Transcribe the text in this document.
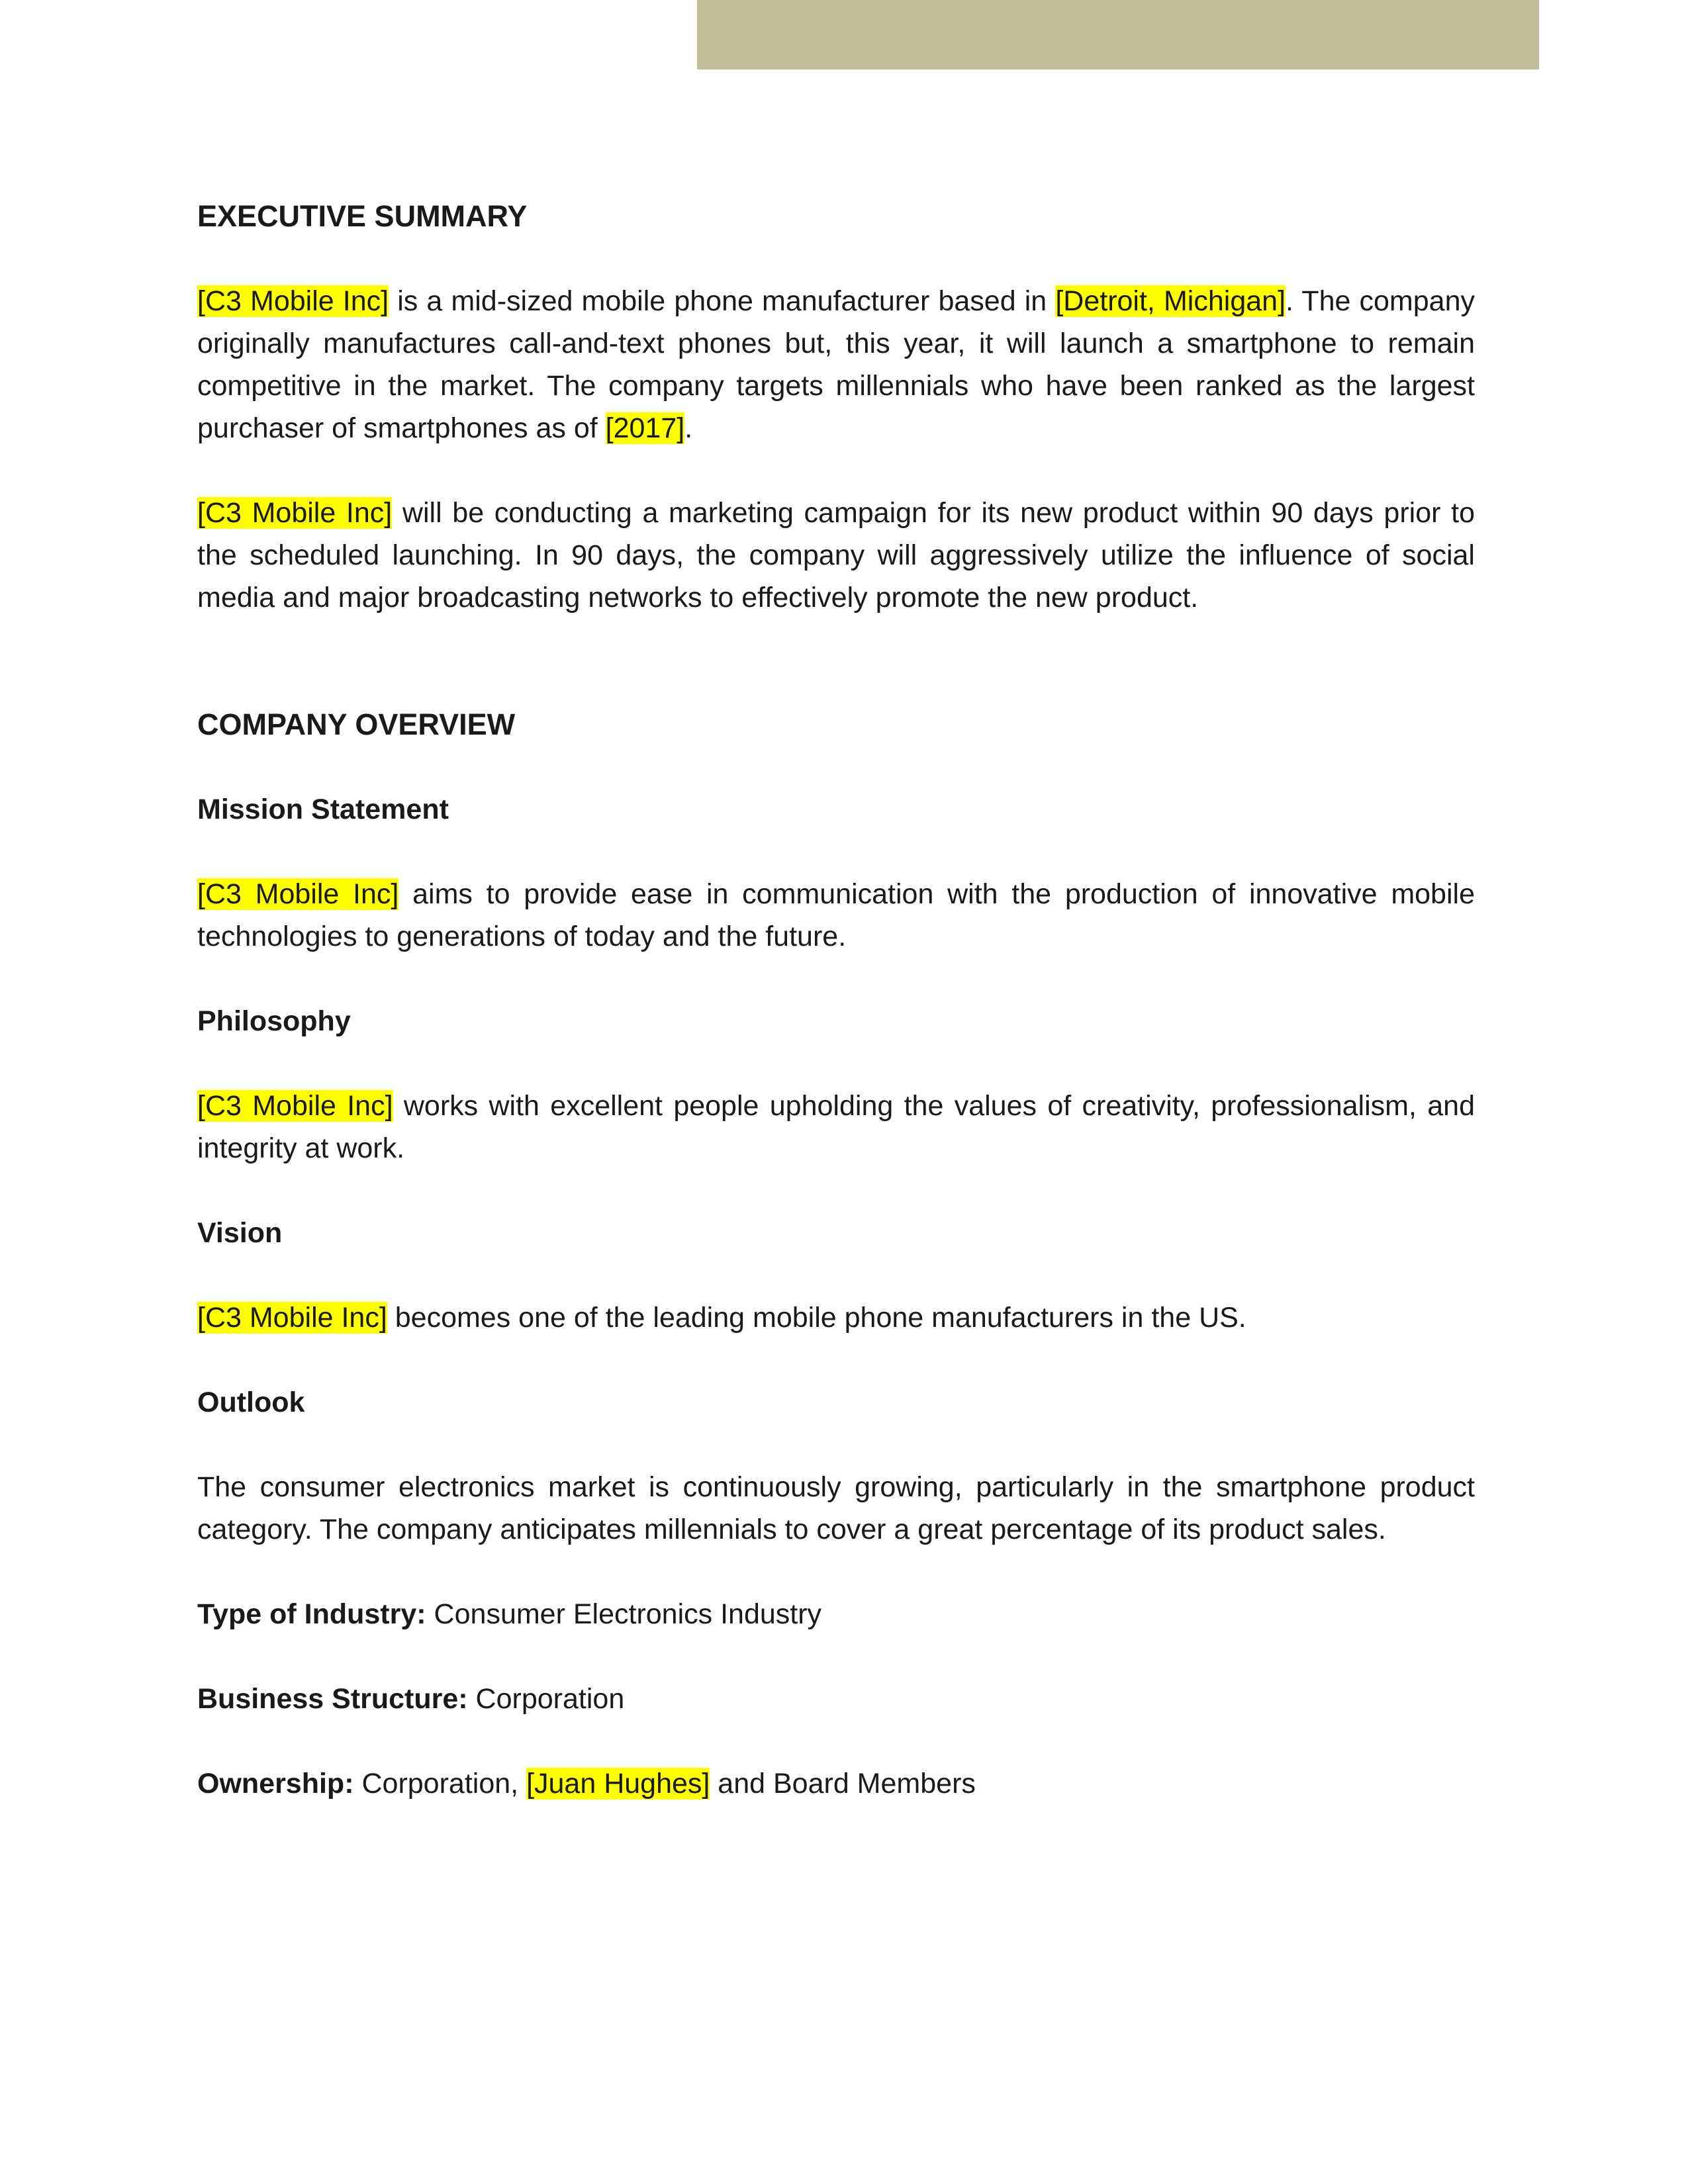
EXECUTIVE SUMMARY

[C3 Mobile Inc] is a mid-sized mobile phone manufacturer based in [Detroit, Michigan]. The company originally manufactures call-and-text phones but, this year, it will launch a smartphone to remain competitive in the market. The company targets millennials who have been ranked as the largest purchaser of smartphones as of [2017].

[C3 Mobile Inc] will be conducting a marketing campaign for its new product within 90 days prior to the scheduled launching. In 90 days, the company will aggressively utilize the influence of social media and major broadcasting networks to effectively promote the new product.

COMPANY OVERVIEW
Mission Statement

[C3 Mobile Inc] aims to provide ease in communication with the production of innovative mobile technologies to generations of today and the future.

Philosophy

[C3 Mobile Inc] works with excellent people upholding the values of creativity, professionalism, and integrity at work.

Vision

[C3 Mobile Inc] becomes one of the leading mobile phone manufacturers in the US.

Outlook

The consumer electronics market is continuously growing, particularly in the smartphone product category. The company anticipates millennials to cover a great percentage of its product sales.

Type of Industry: Consumer Electronics Industry

Business Structure: Corporation

Ownership: Corporation, [Juan Hughes] and Board Members
